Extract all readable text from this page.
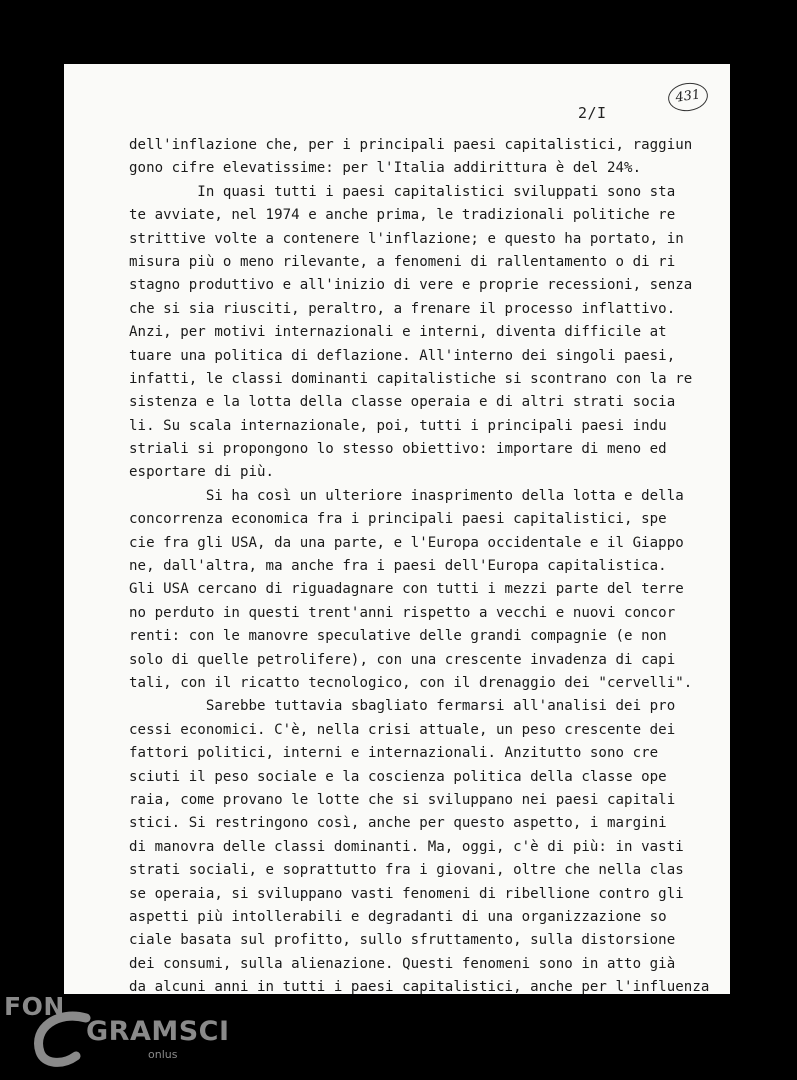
2/I
431
dell'inflazione che, per i principali paesi capitalistici, raggiun
gono cifre elevatissime: per l'Italia addirittura è del 24%.
In quasi tutti i paesi capitalistici sviluppati sono sta
te avviate, nel 1974 e anche prima, le tradizionali politiche re
strittive volte a contenere l'inflazione; e questo ha portato, in
misura più o meno rilevante, a fenomeni di rallentamento o di ri
stagno produttivo e all'inizio di vere e proprie recessioni, senza
che si sia riusciti, peraltro, a frenare il processo inflattivo.
Anzi, per motivi internazionali e interni, diventa difficile at
tuare una politica di deflazione. All'interno dei singoli paesi,
infatti, le classi dominanti capitalistiche si scontrano con la re
sistenza e la lotta della classe operaia e di altri strati socia
li. Su scala internazionale, poi, tutti i principali paesi indu
striali si propongono lo stesso obiettivo: importare di meno ed
esportare di più.
Si ha così un ulteriore inasprimento della lotta e della
concorrenza economica fra i principali paesi capitalistici, spe
cie fra gli USA, da una parte, e l'Europa occidentale e il Giappo
ne, dall'altra, ma anche fra i paesi dell'Europa capitalistica.
Gli USA cercano di riguadagnare con tutti i mezzi parte del terre
no perduto in questi trent'anni rispetto a vecchi e nuovi concor
renti: con le manovre speculative delle grandi compagnie (e non
solo di quelle petrolifere), con una crescente invadenza di capi
tali, con il ricatto tecnologico, con il drenaggio dei "cervelli".
Sarebbe tuttavia sbagliato fermarsi all'analisi dei pro
cessi economici. C'è, nella crisi attuale, un peso crescente dei
fattori politici, interni e internazionali. Anzitutto sono cre
sciuti il peso sociale e la coscienza politica della classe ope
raia, come provano le lotte che si sviluppano nei paesi capitali
stici. Si restringono così, anche per questo aspetto, i margini
di manovra delle classi dominanti. Ma, oggi, c'è di più: in vasti
strati sociali, e soprattutto fra i giovani, oltre che nella clas
se operaia, si sviluppano vasti fenomeni di ribellione contro gli
aspetti più intollerabili e degradanti di una organizzazione so
ciale basata sul profitto, sullo sfruttamento, sulla distorsione
dei consumi, sulla alienazione. Questi fenomeni sono in atto già
da alcuni anni in tutti i paesi capitalistici, anche per l'influenza
FON
GRAMSCI
onlus
